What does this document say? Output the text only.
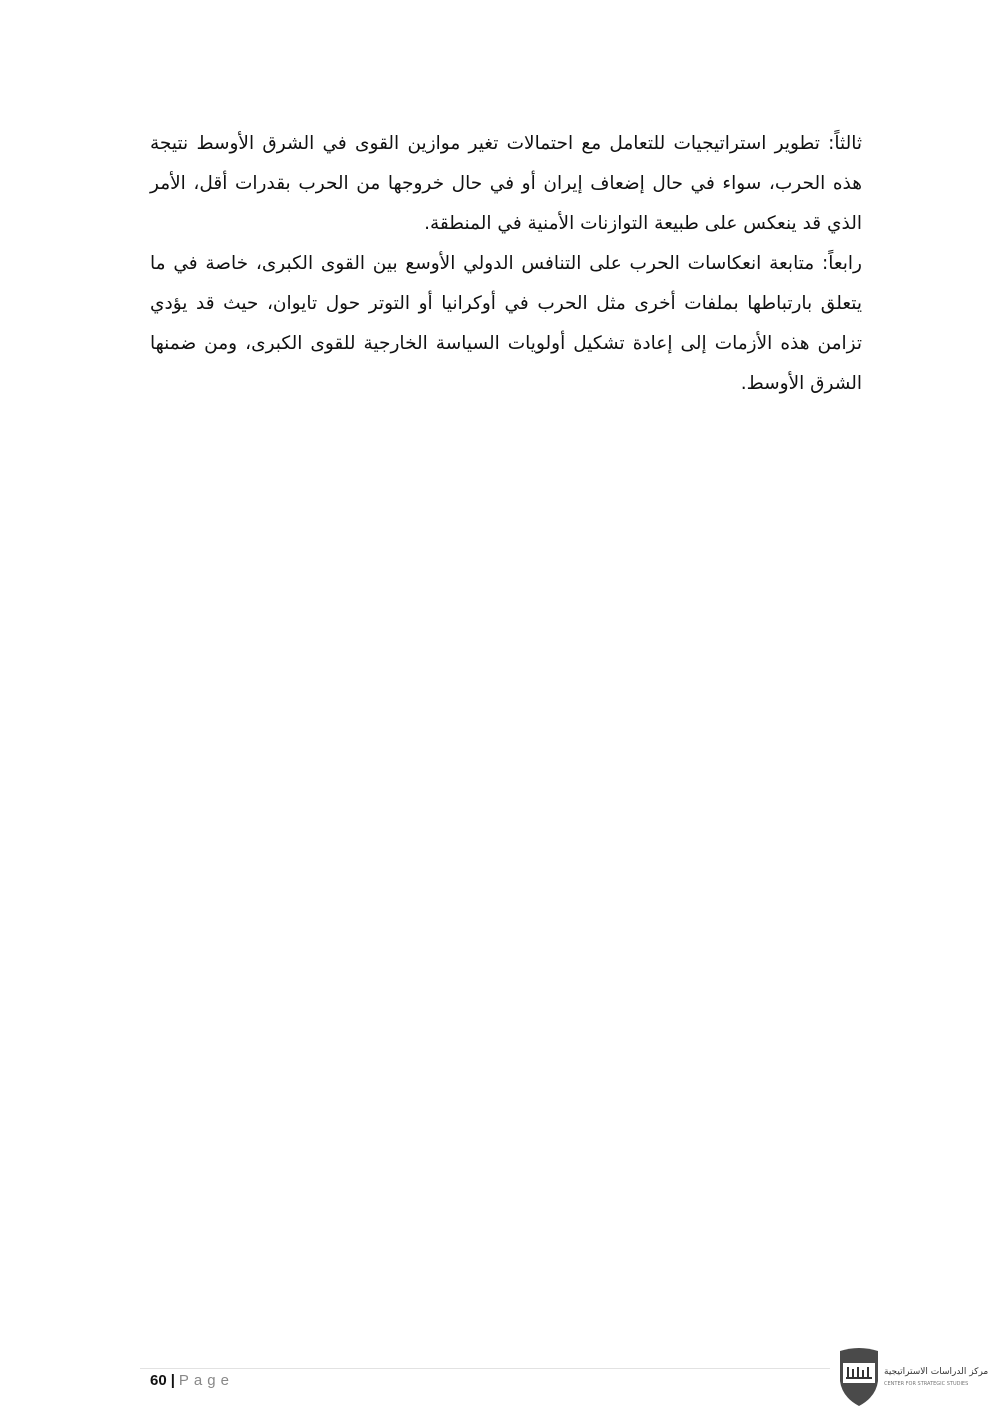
ثالثاً: تطوير استراتيجيات للتعامل مع احتمالات تغير موازين القوى في الشرق الأوسط نتيجة
هذه الحرب، سواء في حال إضعاف إيران أو في حال خروجها من الحرب بقدرات أقل، الأمر
الذي قد ينعكس على طبيعة التوازنات الأمنية في المنطقة.
رابعاً: متابعة انعكاسات الحرب على التنافس الدولي الأوسع بين القوى الكبرى، خاصة في ما
يتعلق بارتباطها بملفات أخرى مثل الحرب في أوكرانيا أو التوتر حول تايوان، حيث قد يؤدي
تزامن هذه الأزمات إلى إعادة تشكيل أولويات السياسة الخارجية للقوى الكبرى، ومن ضمنها
الشرق الأوسط.
60 | Page	مركز الدراسات الاستراتيجية
CENTER FOR STRATEGIC STUDIES
